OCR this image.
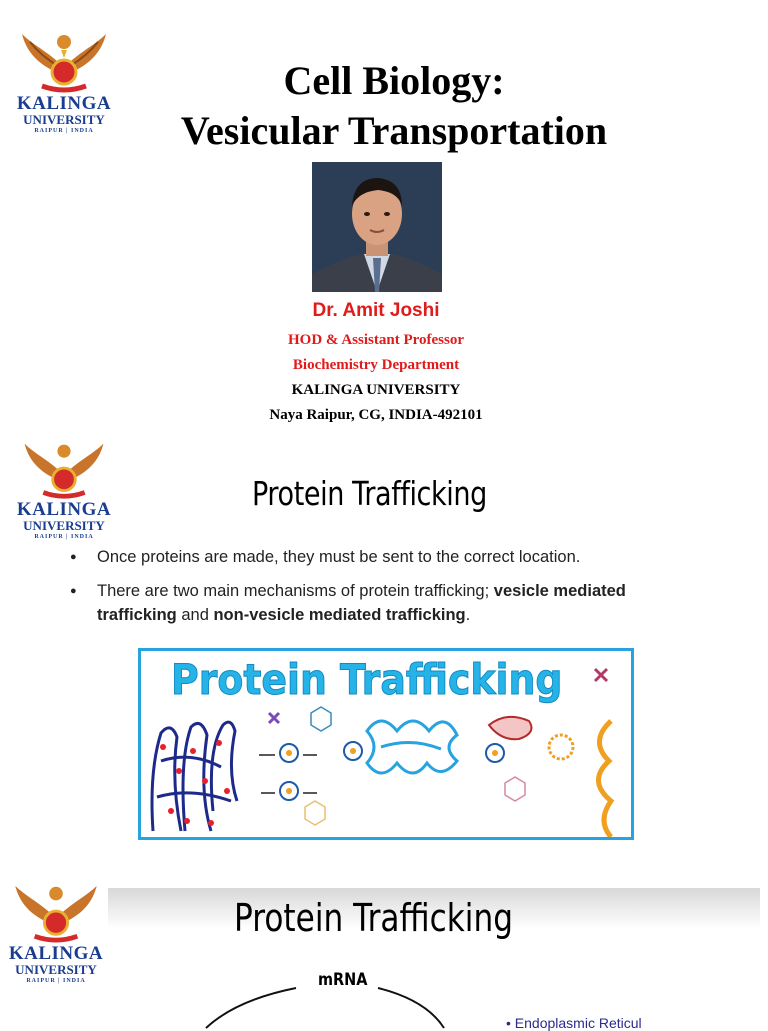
KALINGA
UNIVERSITY
RAIPUR | INDIA
Cell Biology:
Vesicular Transportation
Dr. Amit Joshi
HOD & Assistant Professor
Biochemistry Department
KALINGA UNIVERSITY
Naya Raipur, CG, INDIA-492101
KALINGA
UNIVERSITY
RAIPUR | INDIA
Protein Trafficking
● Once proteins are made, they must be sent to the correct location.
● There are two main mechanisms of protein trafficking; vesicle mediated trafficking and non-vesicle mediated trafficking.
Protein Trafficking
KALINGA
UNIVERSITY
RAIPUR | INDIA
Protein Trafficking
mRNA
• Endoplasmic Reticul
